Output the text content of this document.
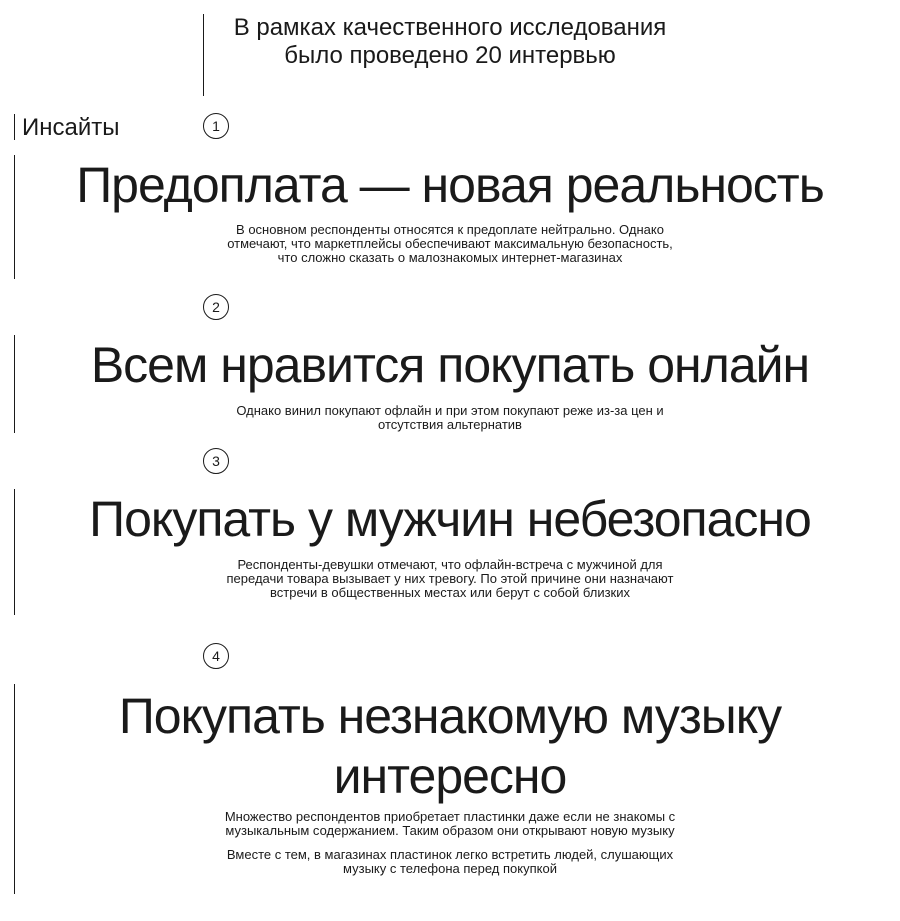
В рамках качественного исследования было проведено 20 интервью
Инсайты	1
Предоплата — новая реальность

В основном респонденты относятся к предоплате нейтрально. Однако отмечают, что маркетплейсы обеспечивают максимальную безопасность, что сложно сказать о малознакомых интернет-магазинах

2
Всем нравится покупать онлайн

Однако винил покупают офлайн и при этом покупают реже из-за цен и отсутствия альтернатив

3
Покупать у мужчин небезопасно

Респонденты-девушки отмечают, что офлайн-встреча с мужчиной для передачи товара вызывает у них тревогу. По этой причине они назначают встречи в общественных местах или берут с собой близких

4
Покупать незнакомую музыку интересно

Множество респондентов приобретает пластинки даже если не знакомы с музыкальным содержанием. Таким образом они открывают новую музыку

Вместе с тем, в магазинах пластинок легко встретить людей, слушающих музыку с телефона перед покупкой
